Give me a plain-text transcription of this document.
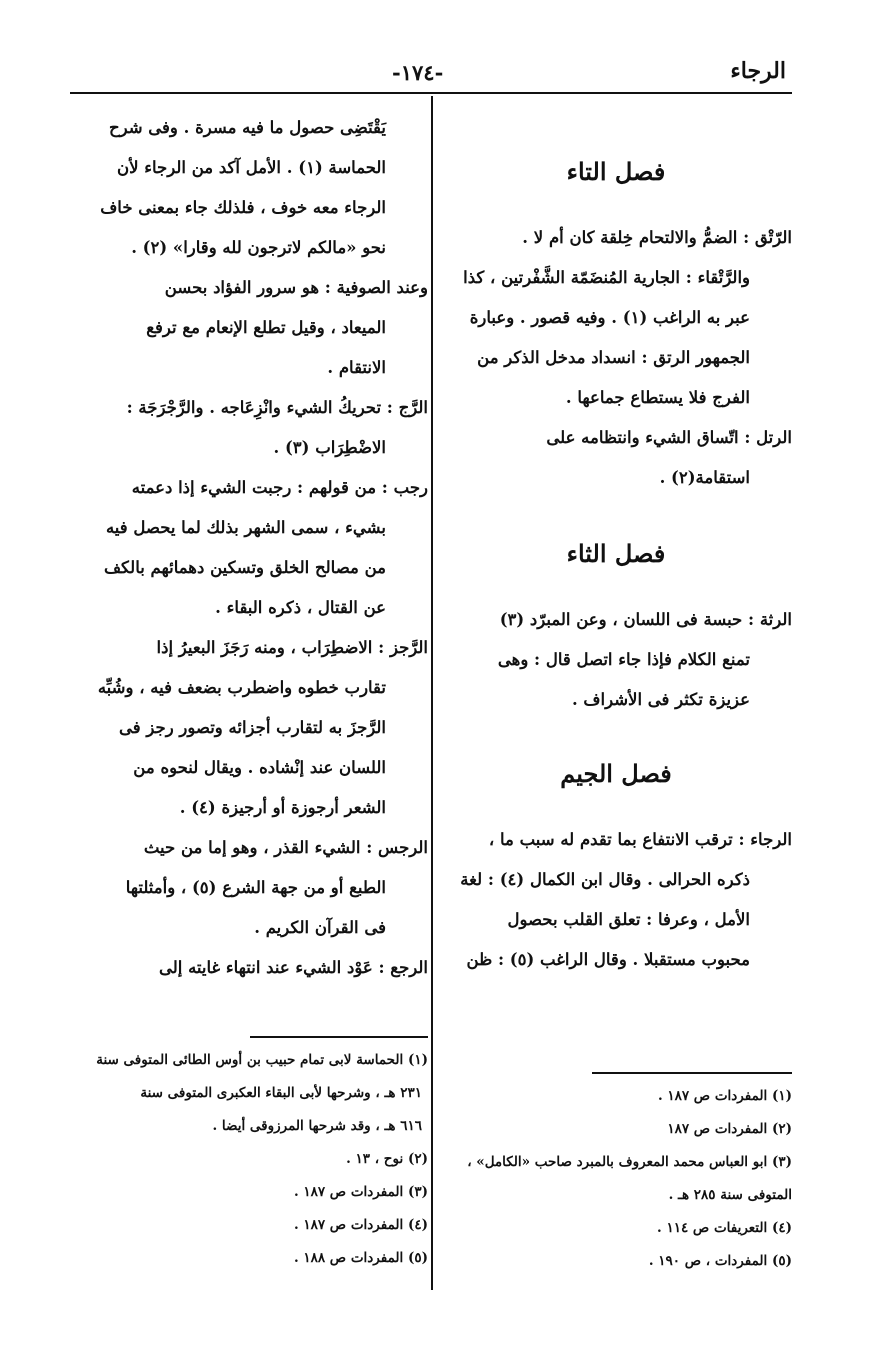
الرجاء
-١٧٤-
فصل التاء

الرّتْق : الضمُّ والالتحام خِلقة كان أم لا .

والرَّتْقاء : الجارية المُنضَمّة الشَّفْرتين ، كذا

عبر به الراغب (١) . وفيه قصور . وعبارة

الجمهور الرتق : انسداد مدخل الذكر من

الفرج فلا يستطاع جماعها .

الرتل : اتّساق الشيء وانتظامه على

استقامة(٢) .

فصل الثاء

الرثة : حبسة فى اللسان ، وعن المبرّد (٣)

تمنع الكلام فإذا جاء اتصل قال : وهى

عزيزة تكثر فى الأشراف .

فصل الجيم

الرجاء : ترقب الانتفاع بما تقدم له سبب ما ،

ذكره الحرالى . وقال ابن الكمال (٤) : لغة

الأمل ، وعرفا : تعلق القلب بحصول

محبوب مستقبلا . وقال الراغب (٥) : ظن

يَقْتَضِى حصول ما فيه مسرة . وفى شرح

الحماسة (١) . الأمل آكد من الرجاء لأن

الرجاء معه خوف ، فلذلك جاء بمعنى خاف

نحو «مالكم لاترجون لله وقارا» (٢) .

وعند الصوفية : هو سرور الفؤاد بحسن

الميعاد ، وقيل تطلع الإنعام مع ترفع

الانتقام .

الرَّج : تحريكُ الشيء وانْزِعَاجه . والرَّجْرَجَة :

الاضْطِرَاب (٣) .

رجب : من قولهم : رجبت الشيء إذا دعمته

بشيء ، سمى الشهر بذلك لما يحصل فيه

من مصالح الخلق وتسكين دهمائهم بالكف

عن القتال ، ذكره البقاء .

الرَّجز : الاضطِرَاب ، ومنه رَجَزَ البعيرُ إذا

تقارب خطوه واضطرب بضعف فيه ، وشُبِّه

الرَّجزَ به لتقارب أجزائه وتصور رجز فى

اللسان عند إنْشاده . ويقال لنحوه من

الشعر أرجوزة أو أرجيزة (٤) .

الرجس : الشيء القذر ، وهو إما من حيث

الطبع أو من جهة الشرع (٥) ، وأمثلتها

فى القرآن الكريم .

الرجع : عَوْد الشيء عند انتهاء غايته إلى

(١) الحماسة لابى تمام حبيب بن أوس الطائى المتوفى سنة
٢٣١ هـ ، وشرحها لأبى البقاء العكبرى المتوفى سنة
٦١٦ هـ ، وقد شرحها المرزوقى أيضا .
(٢) نوح ، ١٣ .
(٣) المفردات ص ١٨٧ .
(٤) المفردات ص ١٨٧ .
(٥) المفردات ص ١٨٨ .
(١) المفردات ص ١٨٧ .
(٢) المفردات ص ١٨٧
(٣) ابو العباس محمد المعروف بالمبرد صاحب «الكامل» ،
المتوفى سنة ٢٨٥ هـ .
(٤) التعريفات ص ١١٤ .
(٥) المفردات ، ص ١٩٠ .
